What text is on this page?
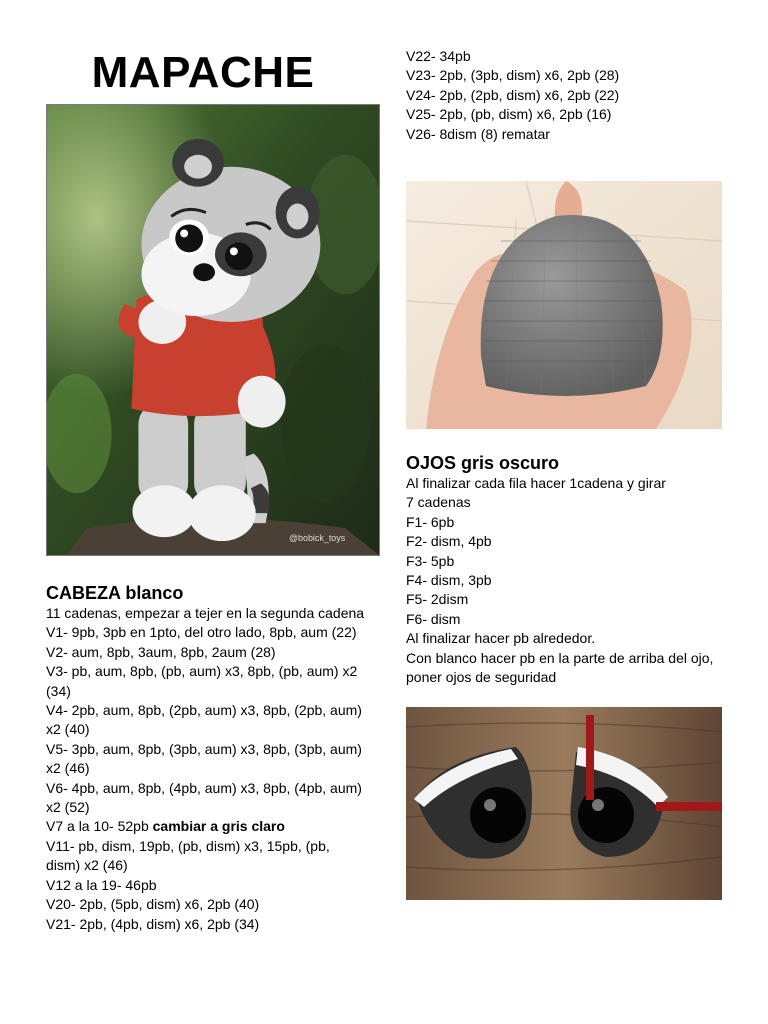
MAPACHE
@bobick_toys

V22- 34pb

V23- 2pb, (3pb, dism) x6, 2pb (28)

V24- 2pb, (2pb, dism) x6, 2pb (22)

V25- 2pb, (pb, dism) x6, 2pb (16)

V26- 8dism (8) rematar

OJOS gris oscuro

Al finalizar cada fila hacer 1cadena y girar

7 cadenas

F1- 6pb

F2- dism, 4pb

F3- 5pb

F4- dism, 3pb

F5- 2dism

F6- dism

Al finalizar hacer pb alrededor.

Con blanco hacer pb en la parte de arriba del ojo, poner ojos de seguridad

CABEZA blanco

11 cadenas, empezar a tejer en la segunda cadena

V1- 9pb, 3pb en 1pto, del otro lado, 8pb, aum (22)

V2- aum, 8pb, 3aum, 8pb, 2aum (28)

V3- pb, aum, 8pb, (pb, aum) x3, 8pb, (pb, aum) x2 (34)

V4- 2pb, aum, 8pb, (2pb, aum) x3, 8pb, (2pb, aum) x2 (40)

V5- 3pb, aum, 8pb, (3pb, aum) x3, 8pb, (3pb, aum) x2 (46)

V6- 4pb, aum, 8pb, (4pb, aum) x3, 8pb, (4pb, aum) x2 (52)

V7 a la 10- 52pb cambiar a gris claro

V11- pb, dism, 19pb, (pb, dism) x3, 15pb, (pb, dism) x2 (46)

V12 a la 19- 46pb

V20- 2pb, (5pb, dism) x6, 2pb (40)

V21- 2pb, (4pb, dism) x6, 2pb (34)
